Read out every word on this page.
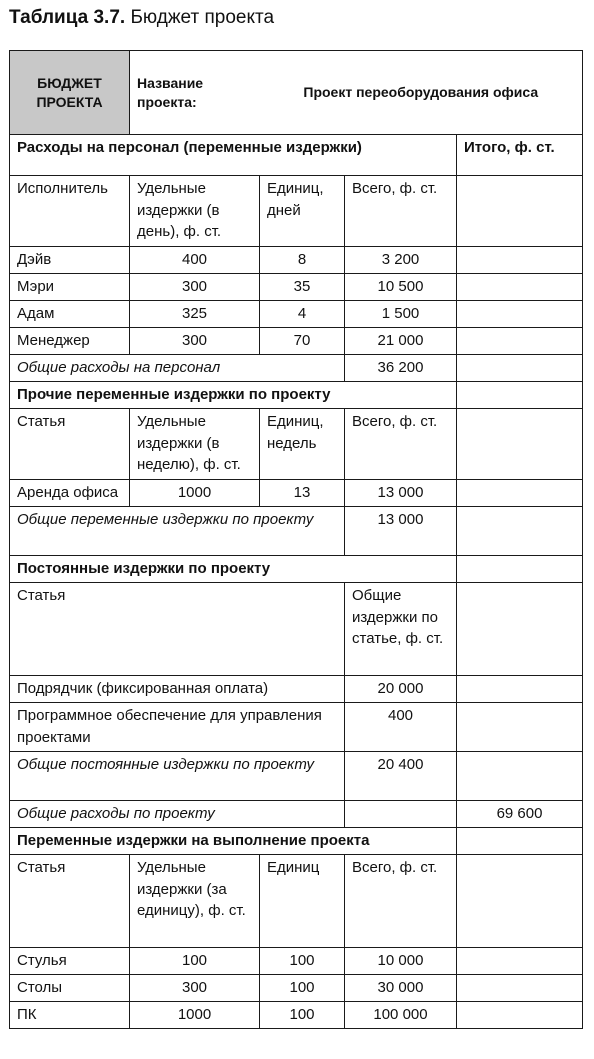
Таблица 3.7. Бюджет проекта
БЮДЖЕТ ПРОЕКТА	Название проекта:	Проект переоборудования офиса		
Расходы на персонал (переменные издержки)				Итого, ф. ст.
Исполнитель	Удельные издержки (в день), ф. ст.	Единиц, дней	Всего, ф. ст.	
Дэйв	400	8	3 200	
Мэри	300	35	10 500	
Адам	325	4	1 500	
Менеджер	300	70	21 000	
Общие расходы на персонал			36 200	
Прочие переменные издержки по проекту				
Статья	Удельные издержки (в неделю), ф. ст.	Единиц, недель	Всего, ф. ст.	
Аренда офиса	1000	13	13 000	
Общие переменные издержки по проекту			13 000	
Постоянные издержки по проекту				
Статья			Общие издержки по статье, ф. ст.	
Подрядчик (фиксированная оплата)			20 000	
Программное обеспечение для управления проектами			400	
Общие постоянные издержки по проекту			20 400	
Общие расходы по проекту				69 600
Переменные издержки на выполнение проекта				
Статья	Удельные издержки (за единицу), ф. ст.	Единиц	Всего, ф. ст.	
Стулья	100	100	10 000	
Столы	300	100	30 000	
ПК	1000	100	100 000	
